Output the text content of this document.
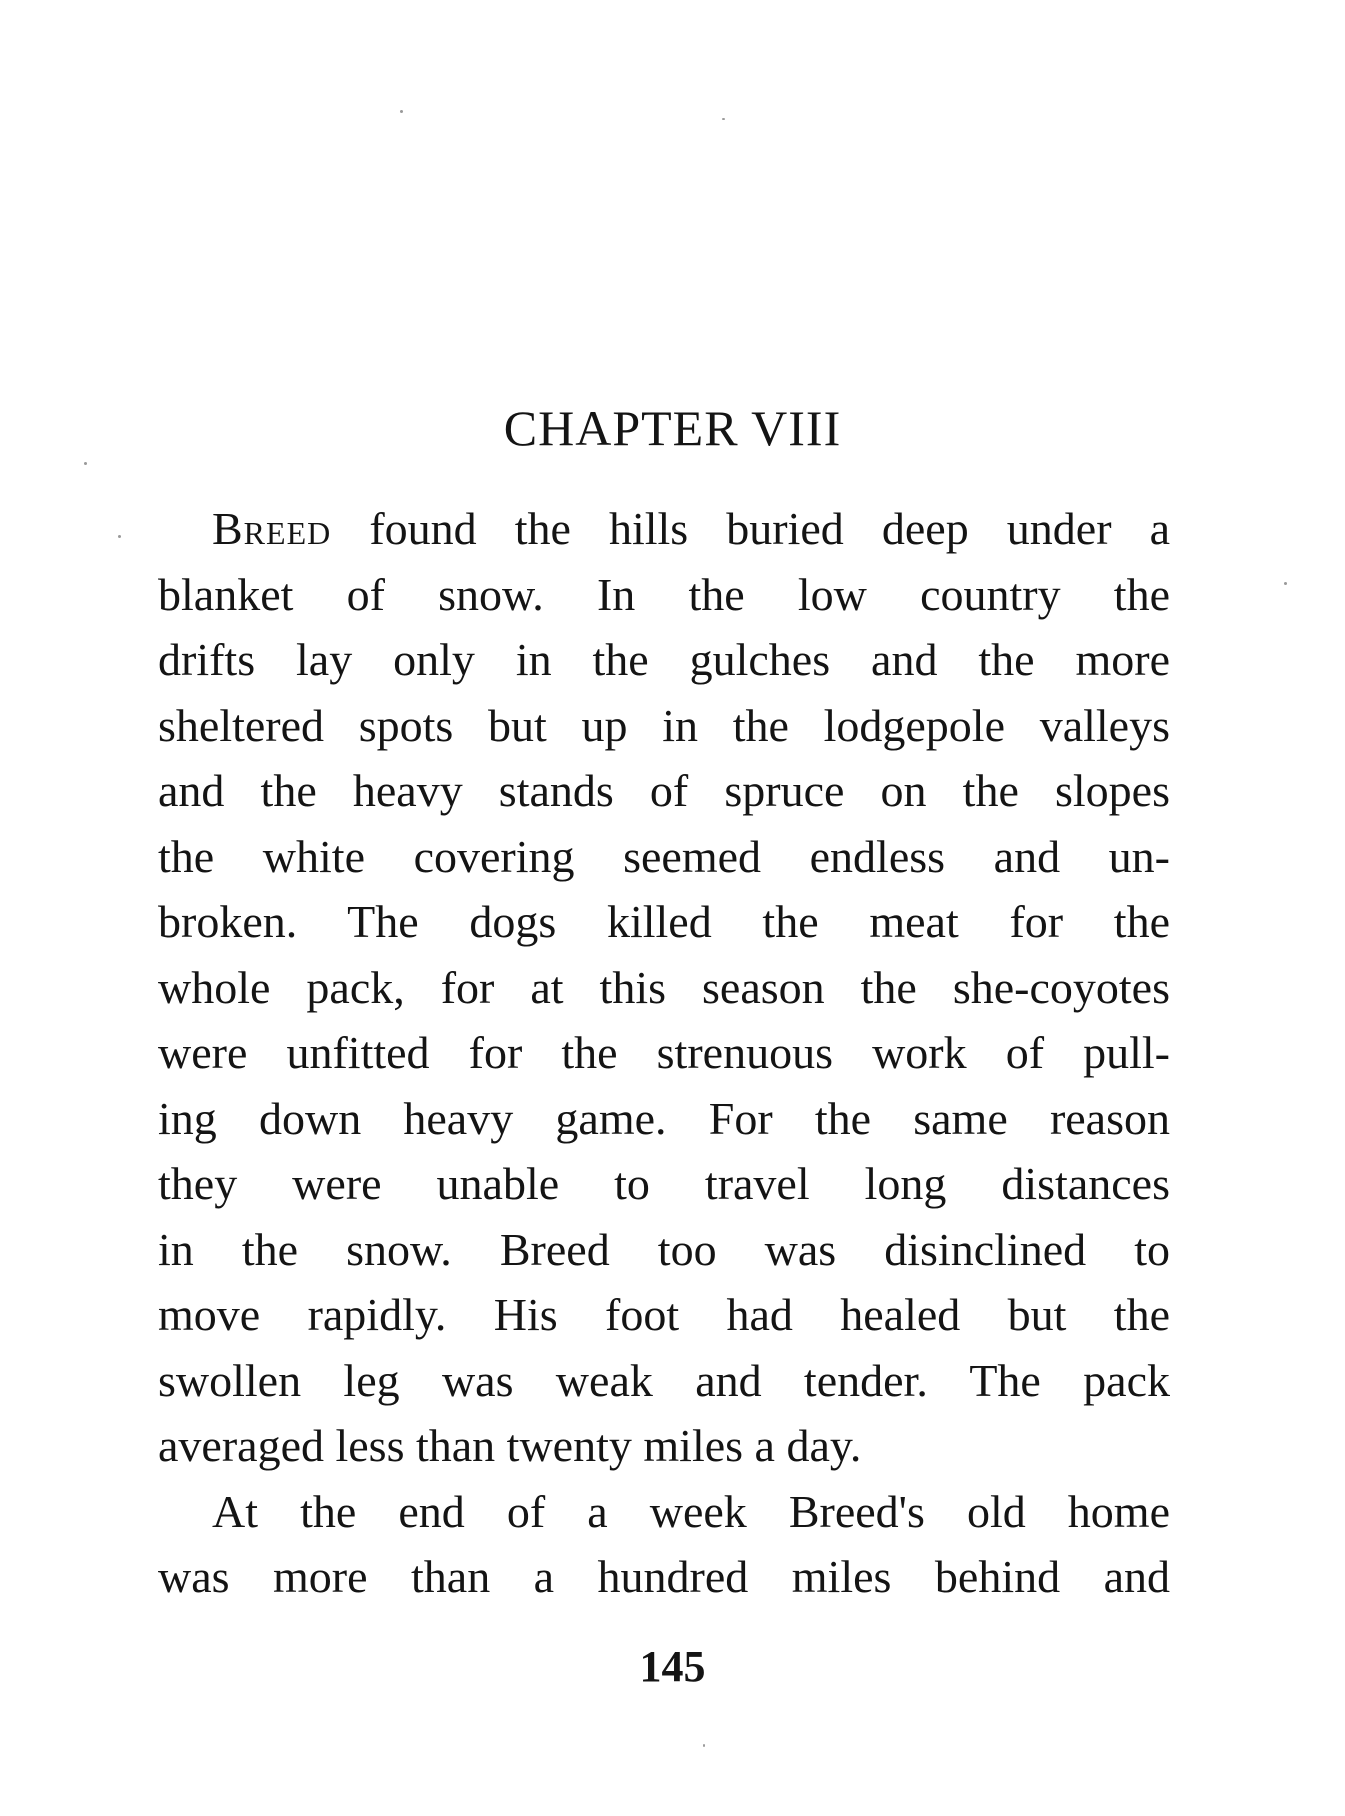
CHAPTER VIII

Breed found the hills buried deep under a
blanket of snow. In the low country the
drifts lay only in the gulches and the more
sheltered spots but up in the lodgepole valleys
and the heavy stands of spruce on the slopes
the white covering seemed endless and un-
broken. The dogs killed the meat for the
whole pack, for at this season the she-coyotes
were unfitted for the strenuous work of pull-
ing down heavy game. For the same reason
they were unable to travel long distances
in the snow. Breed too was disinclined to
move rapidly. His foot had healed but the
swollen leg was weak and tender. The pack
averaged less than twenty miles a day.

At the end of a week Breed's old home
was more than a hundred miles behind and

145
